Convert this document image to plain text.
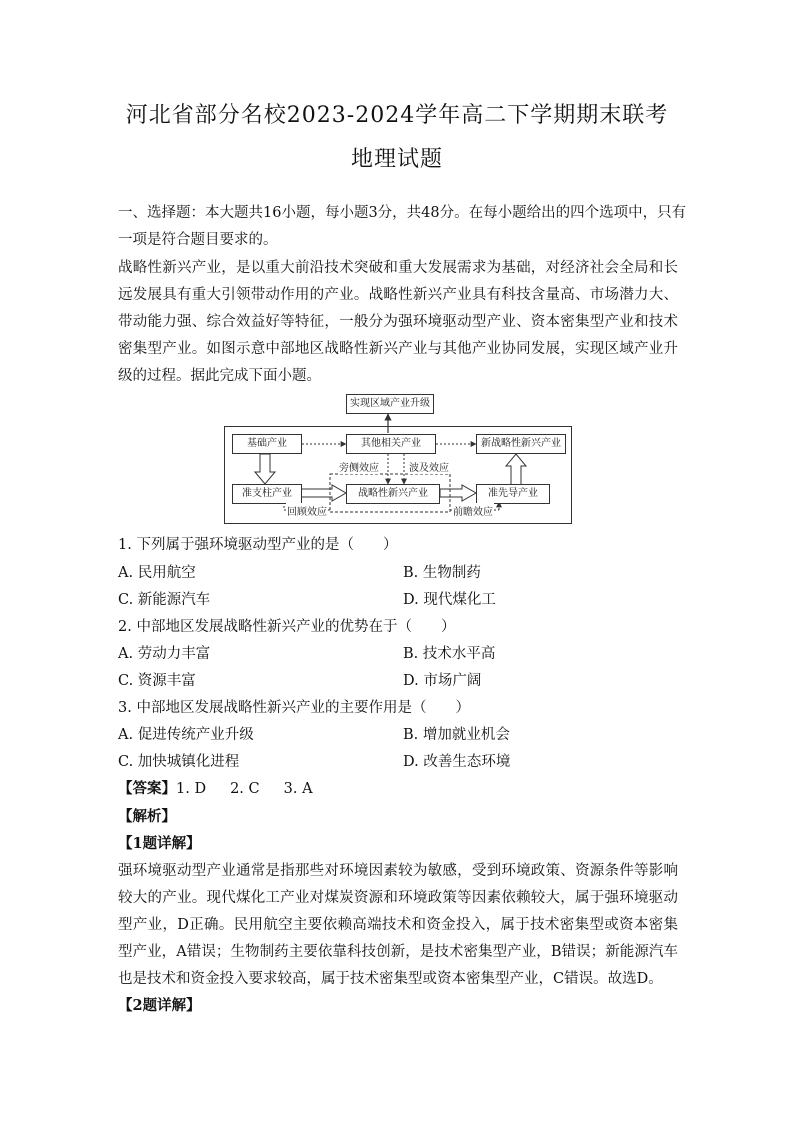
河北省部分名校2023-2024学年高二下学期期末联考
地理试题
一、选择题：本大题共16小题，每小题3分，共48分。在每小题给出的四个选项中，只有
一项是符合题目要求的。
战略性新兴产业，是以重大前沿技术突破和重大发展需求为基础，对经济社会全局和长远发展具有重大引领带动作用的产业。战略性新兴产业具有科技含量高、市场潜力大、带动能力强、综合效益好等特征，一般分为强环境驱动型产业、资本密集型产业和技术密集型产业。如图示意中部地区战略性新兴产业与其他产业协同发展，实现区域产业升级的过程。据此完成下面小题。
实现区域产业升级
基础产业	其他相关产业	新战略性新兴产业
准支柱产业	战略性新兴产业	准先导产业
旁侧效应	波及效应
回顾效应	前瞻效应
1. 下列属于强环境驱动型产业的是（　　）
A. 民用航空	B. 生物制药
C. 新能源汽车	D. 现代煤化工
2. 中部地区发展战略性新兴产业的优势在于（　　）
A. 劳动力丰富	B. 技术水平高
C. 资源丰富	D. 市场广阔
3. 中部地区发展战略性新兴产业的主要作用是（　　）
A. 促进传统产业升级	B. 增加就业机会
C. 加快城镇化进程	D. 改善生态环境
【答案】1. D 2. C 3. A
【解析】
【1题详解】
强环境驱动型产业通常是指那些对环境因素较为敏感，受到环境政策、资源条件等影响较大的产业。现代煤化工产业对煤炭资源和环境政策等因素依赖较大，属于强环境驱动型产业，D正确。民用航空主要依赖高端技术和资金投入，属于技术密集型或资本密集型产业，A错误；生物制药主要依靠科技创新，是技术密集型产业，B错误；新能源汽车也是技术和资金投入要求较高，属于技术密集型或资本密集型产业，C错误。故选D。
【2题详解】
